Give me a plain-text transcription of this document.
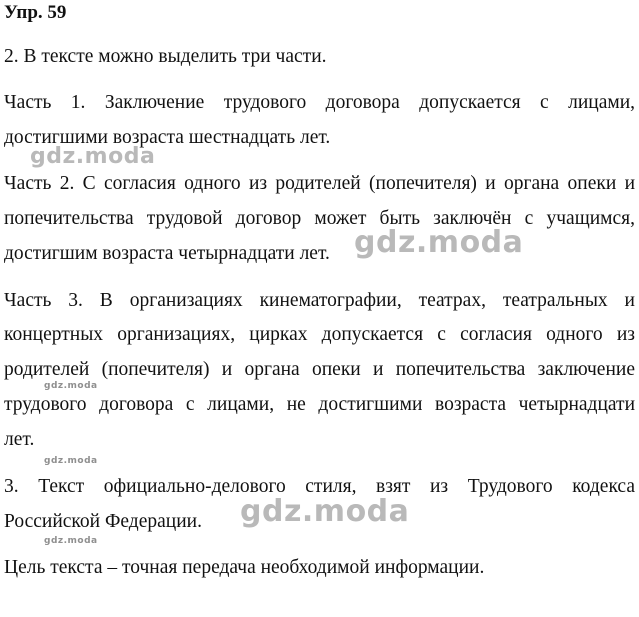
Упр. 59
2. В тексте можно выделить три части.
Часть 1. Заключение трудового договора допускается с лицами,
достигшими возраста шестнадцать лет.
Часть 2. С согласия одного из родителей (попечителя) и органа опеки и
попечительства трудовой договор может быть заключён с учащимся,
достигшим возраста четырнадцати лет.
Часть 3. В организациях кинематографии, театрах, театральных и
концертных организациях, цирках допускается с согласия одного из
родителей (попечителя) и органа опеки и попечительства заключение
трудового договора с лицами, не достигшими возраста четырнадцати
лет.
3. Текст официально-делового стиля, взят из Трудового кодекса
Российской Федерации.
Цель текста – точная передача необходимой информации.
gdz.moda
gdz.moda
gdz.moda
gdz.moda
gdz.moda
gdz.moda
